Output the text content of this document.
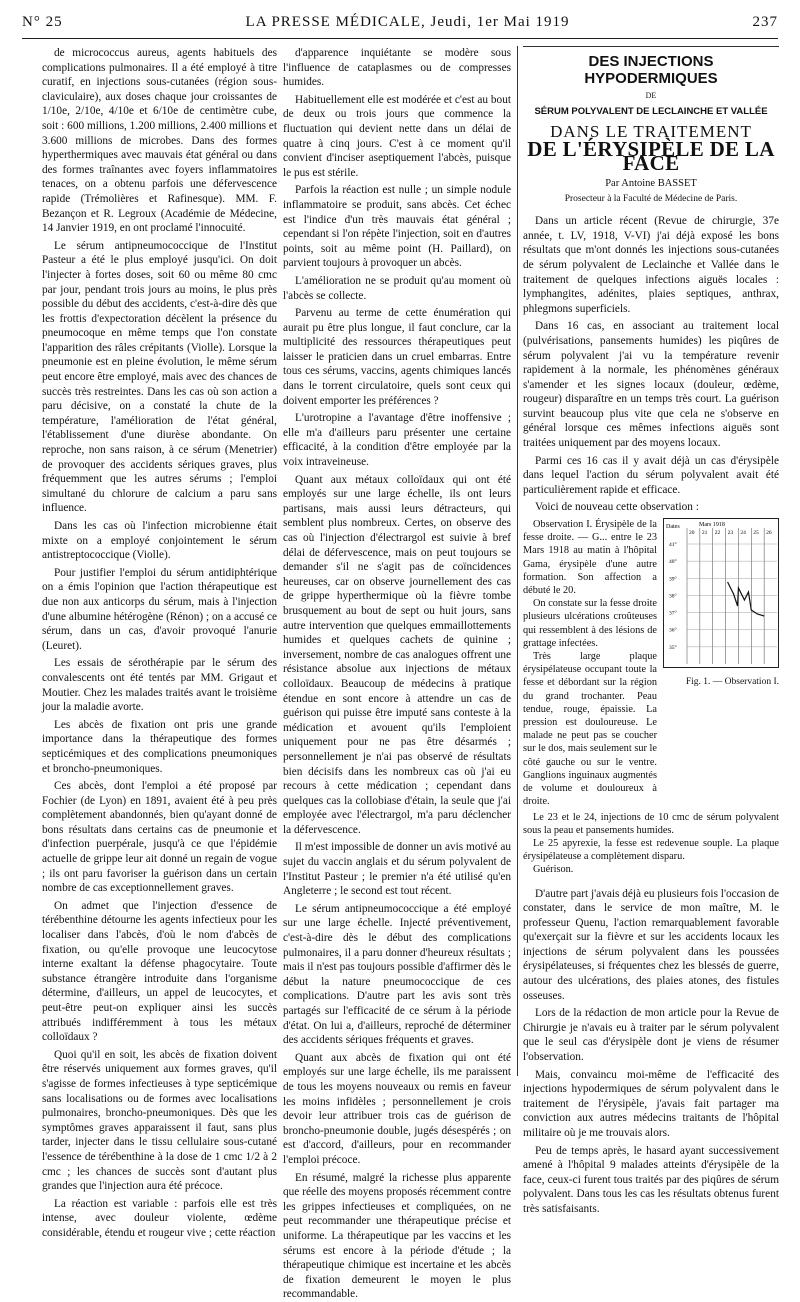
N° 25	LA PRESSE MÉDICALE, Jeudi, 1er Mai 1919	237

de micrococcus aureus, agents habituels des complications pulmonaires. Il a été employé à titre curatif, en injections sous-cutanées (région sous-claviculaire), aux doses chaque jour croissantes de 1/10e, 2/10e, 4/10e et 6/10e de centimètre cube, soit : 600 millions, 1.200 millions, 2.400 millions et 3.600 millions de microbes. Dans des formes hyperthermiques avec mauvais état général ou dans des formes traînantes avec foyers inflammatoires tenaces, on a obtenu parfois une défervescence rapide (Trémolières et Rafinesque). MM. F. Bezançon et R. Legroux (Académie de Médecine, 14 Janvier 1919, en ont proclamé l'innocuité.

Le sérum antipneumococcique de l'Institut Pasteur a été le plus employé jusqu'ici. On doit l'injecter à fortes doses, soit 60 ou même 80 cmc par jour, pendant trois jours au moins, le plus près possible du début des accidents, c'est-à-dire dès que les frottis d'expectoration décèlent la présence du pneumocoque en même temps que l'on constate l'apparition des râles crépitants (Violle). Lorsque la pneumonie est en pleine évolution, le même sérum peut encore être employé, mais avec des chances de succès très restreintes. Dans les cas où son action a paru décisive, on a constaté la chute de la température, l'amélioration de l'état général, l'établissement d'une diurèse abondante. On reproche, non sans raison, à ce sérum (Menetrier) de provoquer des accidents sériques graves, plus fréquemment que les autres sérums ; l'emploi simultané du chlorure de calcium a paru sans influence.

Dans les cas où l'infection microbienne était mixte on a employé conjointement le sérum antistreptococcique (Violle).

Pour justifier l'emploi du sérum antidiphtérique on a émis l'opinion que l'action thérapeutique est due non aux anticorps du sérum, mais à l'injection d'une albumine hétérogène (Rénon) ; on a accusé ce sérum, dans un cas, d'avoir provoqué l'anurie (Leuret).

Les essais de sérothérapie par le sérum des convalescents ont été tentés par MM. Grigaut et Moutier. Chez les malades traités avant le troisième jour la maladie avorte.

Les abcès de fixation ont pris une grande importance dans la thérapeutique des formes septicémiques et des complications pneumoniques et broncho-pneumoniques.

Ces abcès, dont l'emploi a été proposé par Fochier (de Lyon) en 1891, avaient été à peu près complètement abandonnés, bien qu'ayant donné de bons résultats dans certains cas de pneumonie et d'infection puerpérale, jusqu'à ce que l'épidémie actuelle de grippe leur ait donné un regain de vogue ; ils ont paru favoriser la guérison dans un certain nombre de cas exceptionnellement graves.

On admet que l'injection d'essence de térébenthine détourne les agents infectieux pour les localiser dans l'abcès, d'où le nom d'abcès de fixation, ou qu'elle provoque une leucocytose interne exaltant la défense phagocytaire. Toute substance étrangère introduite dans l'organisme détermine, d'ailleurs, un appel de leucocytes, et peut-être peut-on expliquer ainsi les succès attribués indifféremment à tous les métaux colloïdaux ?

Quoi qu'il en soit, les abcès de fixation doivent être réservés uniquement aux formes graves, qu'il s'agisse de formes infectieuses à type septicémique sans localisations ou de formes avec localisations pulmonaires, broncho-pneumoniques. Dès que les symptômes graves apparaissent il faut, sans plus tarder, injecter dans le tissu cellulaire sous-cutané l'essence de térébenthine à la dose de 1 cmc 1/2 à 2 cmc ; les chances de succès sont d'autant plus grandes que l'injection aura été précoce.

La réaction est variable : parfois elle est très intense, avec douleur violente, œdème considérable, étendu et rougeur vive ; cette réaction

d'apparence inquiétante se modère sous l'influence de cataplasmes ou de compresses humides.

Habituellement elle est modérée et c'est au bout de deux ou trois jours que commence la fluctuation qui devient nette dans un délai de quatre à cinq jours. C'est à ce moment qu'il convient d'inciser aseptiquement l'abcès, puisque le pus est stérile.

Parfois la réaction est nulle ; un simple nodule inflammatoire se produit, sans abcès. Cet échec est l'indice d'un très mauvais état général ; cependant si l'on répète l'injection, soit en d'autres points, soit au même point (H. Paillard), on parvient toujours à provoquer un abcès.

L'amélioration ne se produit qu'au moment où l'abcès se collecte.

Parvenu au terme de cette énumération qui aurait pu être plus longue, il faut conclure, car la multiplicité des ressources thérapeutiques peut laisser le praticien dans un cruel embarras. Entre tous ces sérums, vaccins, agents chimiques lancés dans le torrent circulatoire, quels sont ceux qui doivent emporter les préférences ?

L'urotropine a l'avantage d'être inoffensive ; elle m'a d'ailleurs paru présenter une certaine efficacité, à la condition d'être employée par la voix intraveineuse.

Quant aux métaux colloïdaux qui ont été employés sur une large échelle, ils ont leurs partisans, mais aussi leurs détracteurs, qui semblent plus nombreux. Certes, on observe des cas où l'injection d'électrargol est suivie à bref délai de défervescence, mais on peut toujours se demander s'il ne s'agit pas de coïncidences heureuses, car on observe journellement des cas de grippe hyperthermique où la fièvre tombe brusquement au bout de sept ou huit jours, sans autre intervention que quelques emmaillottements humides et quelques cachets de quinine ; inversement, nombre de cas analogues offrent une résistance absolue aux injections de métaux colloïdaux. Beaucoup de médecins à pratique étendue en sont encore à attendre un cas de guérison qui puisse être imputé sans conteste à la médication et avouent qu'ils l'emploient uniquement pour ne pas être désarmés ; personnellement je n'ai pas observé de résultats bien décisifs dans les nombreux cas où j'ai eu recours à cette médication ; cependant dans quelques cas la collobiase d'étain, la seule que j'ai employée avec l'électrargol, m'a paru déclencher la défervescence.

Il m'est impossible de donner un avis motivé au sujet du vaccin anglais et du sérum polyvalent de l'Institut Pasteur ; le premier n'a été utilisé qu'en Angleterre ; le second est tout récent.

Le sérum antipneumococcique a été employé sur une large échelle. Injecté préventivement, c'est-à-dire dès le début des complications pulmonaires, il a paru donner d'heureux résultats ; mais il n'est pas toujours possible d'affirmer dès le début la nature pneumococcique de ces complications. D'autre part les avis sont très partagés sur l'efficacité de ce sérum à la période d'état. On lui a, d'ailleurs, reproché de déterminer des accidents sériques fréquents et graves.

Quant aux abcès de fixation qui ont été employés sur une large échelle, ils me paraissent de tous les moyens nouveaux ou remis en faveur les moins infidèles ; personnellement je crois devoir leur attribuer trois cas de guérison de broncho-pneumonie double, jugés désespérés ; on est d'accord, d'ailleurs, pour en recommander l'emploi précoce.

En résumé, malgré la richesse plus apparente que réelle des moyens proposés récemment contre les grippes infectieuses et compliquées, on ne peut recommander une thérapeutique précise et uniforme. La thérapeutique par les vaccins et les sérums est encore à la période d'étude ; la thérapeutique chimique est incertaine et les abcès de fixation demeurent le moyen le plus recommandable.

DES INJECTIONS HYPODERMIQUES
DE
SÉRUM POLYVALENT DE LECLAINCHE ET VALLÉE
DANS LE TRAITEMENT
DE L'ÉRYSIPÈLE DE LA FACE
Par Antoine BASSET
Prosecteur à la Faculté de Médecine de Paris.

Dans un article récent (Revue de chirurgie, 37e année, t. LV, 1918, V-VI) j'ai déjà exposé les bons résultats que m'ont donnés les injections sous-cutanées de sérum polyvalent de Leclainche et Vallée dans le traitement de quelques infections aiguës locales : lymphangites, adénites, plaies septiques, anthrax, phlegmons superficiels.

Dans 16 cas, en associant au traitement local (pulvérisations, pansements humides) les piqûres de sérum polyvalent j'ai vu la température revenir rapidement à la normale, les phénomènes généraux s'amender et les signes locaux (douleur, œdème, rougeur) disparaître en un temps très court. La guérison survint beaucoup plus vite que cela ne s'observe en général lorsque ces mêmes infections aiguës sont traitées uniquement par des moyens locaux.

Parmi ces 16 cas il y avait déjà un cas d'érysipèle dans lequel l'action du sérum polyvalent avait été particulièrement rapide et efficace.

Voici de nouveau cette observation :

Observation I. Érysipèle de la fesse droite. — G... entre le 23 Mars 1918 au matin à l'hôpital Gama, érysipèle d'une autre formation. Son affection a débuté le 20.

On constate sur la fesse droite plusieurs ulcérations croûteuses qui ressemblent à des lésions de grattage infectées.

Très large plaque érysipélateuse occupant toute la fesse et débordant sur la région du grand trochanter. Peau tendue, rouge, épaissie. La pression est douloureuse. Le malade ne peut pas se coucher sur le dos, mais seulement sur le côté gauche ou sur le ventre. Ganglions inguinaux augmentés de volume et douloureux à droite.

Dates	Mars 1918
20 21 22 23 24 25 26
41°
40°
39°
38°
37°
36°
35°
Fig. 1. — Observation I.

Le 23 et le 24, injections de 10 cmc de sérum polyvalent sous la peau et pansements humides.

Le 25 apyrexie, la fesse est redevenue souple. La plaque érysipélateuse a complètement disparu.

Guérison.

D'autre part j'avais déjà eu plusieurs fois l'occasion de constater, dans le service de mon maître, M. le professeur Quenu, l'action remarquablement favorable qu'exerçait sur la fièvre et sur les accidents locaux les injections de sérum polyvalent dans les poussées érysipélateuses, si fréquentes chez les blessés de guerre, autour des ulcérations, des plaies atones, des fistules osseuses.

Lors de la rédaction de mon article pour la Revue de Chirurgie je n'avais eu à traiter par le sérum polyvalent que le seul cas d'érysipèle dont je viens de résumer l'observation.

Mais, convaincu moi-même de l'efficacité des injections hypodermiques de sérum polyvalent dans le traitement de l'érysipèle, j'avais fait partager ma conviction aux autres médecins traitants de l'hôpital militaire où je me trouvais alors.

Peu de temps après, le hasard ayant successivement amené à l'hôpital 9 malades atteints d'érysipèle de la face, ceux-ci furent tous traités par des piqûres de sérum polyvalent. Dans tous les cas les résultats obtenus furent très satisfaisants.
